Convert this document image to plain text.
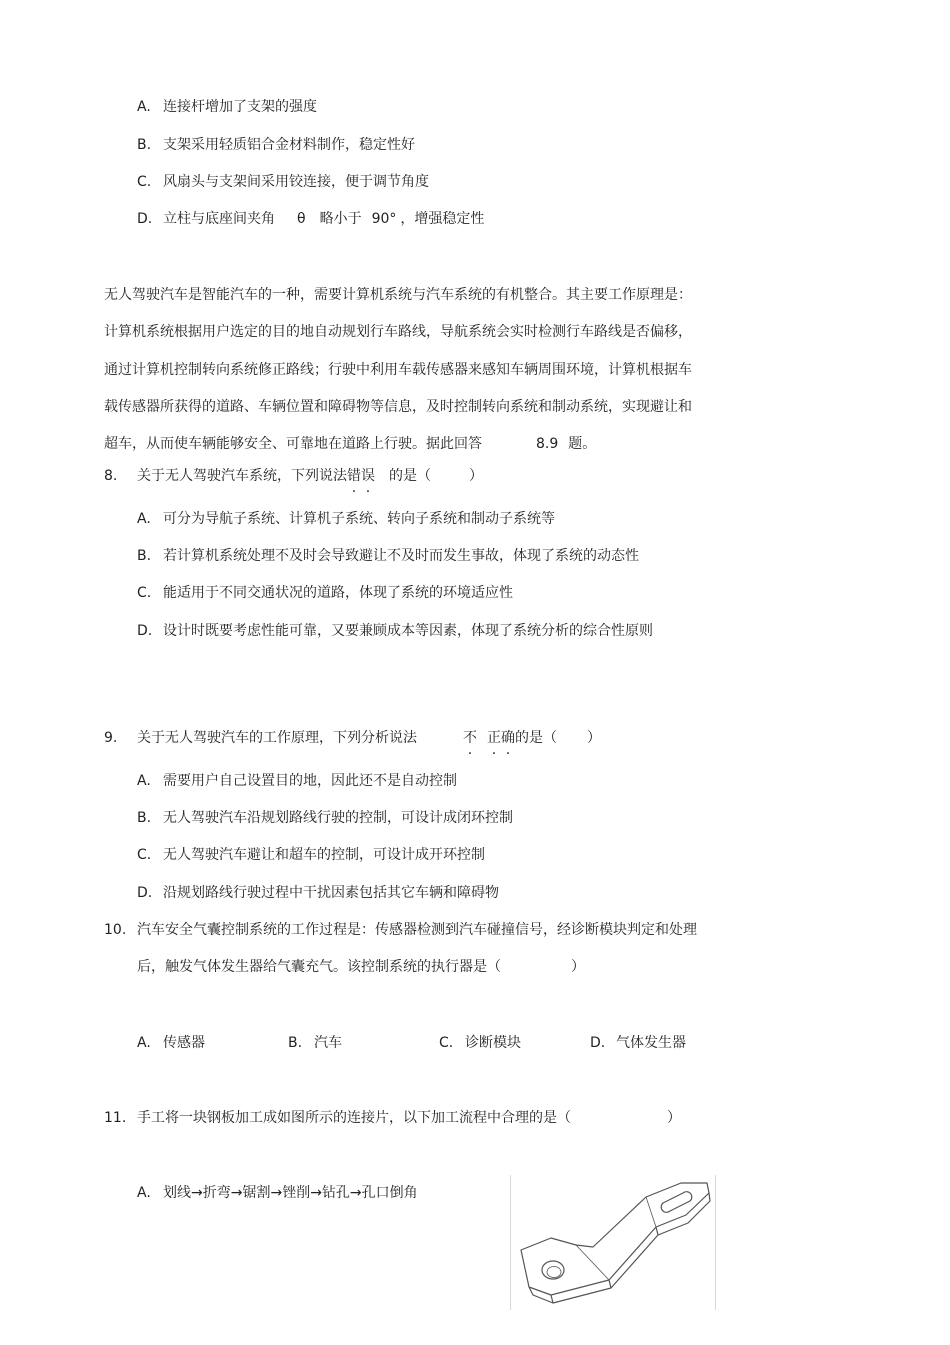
A. 连接杆增加了支架的强度
B. 支架采用轻质铝合金材料制作，稳定性好
C. 风扇头与支架间采用铰连接，便于调节角度
D. 立柱与底座间夹角 θ 略小于 90° ，增强稳定性
无人驾驶汽车是智能汽车的一种，需要计算机系统与汽车系统的有机整合。其主要工作原理是：
计算机系统根据用户选定的目的地自动规划行车路线，导航系统会实时检测行车路线是否偏移，
通过计算机控制转向系统修正路线；行驶中利用车载传感器来感知车辆周围环境，计算机根据车
载传感器所获得的道路、车辆位置和障碍物等信息，及时控制转向系统和制动系统，实现避让和
超车，从而使车辆能够安全、可靠地在道路上行驶。据此回答	8.9 题。
8. 关于无人驾驶汽车系统，下列说法错误 的是（	）
A. 可分为导航子系统、计算机子系统、转向子系统和制动子系统等
B. 若计算机系统处理不及时会导致避让不及时而发生事故，体现了系统的动态性
C. 能适用于不同交通状况的道路，体现了系统的环境适应性
D. 设计时既要考虑性能可靠，又要兼顾成本等因素，体现了系统分析的综合性原则
9. 关于无人驾驶汽车的工作原理，下列分析说法	不 正确的是（ ）
A. 需要用户自己设置目的地，因此还不是自动控制
B. 无人驾驶汽车沿规划路线行驶的控制，可设计成闭环控制
C. 无人驾驶汽车避让和超车的控制，可设计成开环控制
D. 沿规划路线行驶过程中干扰因素包括其它车辆和障碍物
10. 汽车安全气囊控制系统的工作过程是：传感器检测到汽车碰撞信号，经诊断模块判定和处理
后，触发气体发生器给气囊充气。该控制系统的执行器是（	）
A. 传感器	B. 汽车	C. 诊断模块	D. 气体发生器
11. 手工将一块钢板加工成如图所示的连接片，以下加工流程中合理的是（	）
A. 划线→折弯→锯割→锉削→钻孔→孔口倒角
